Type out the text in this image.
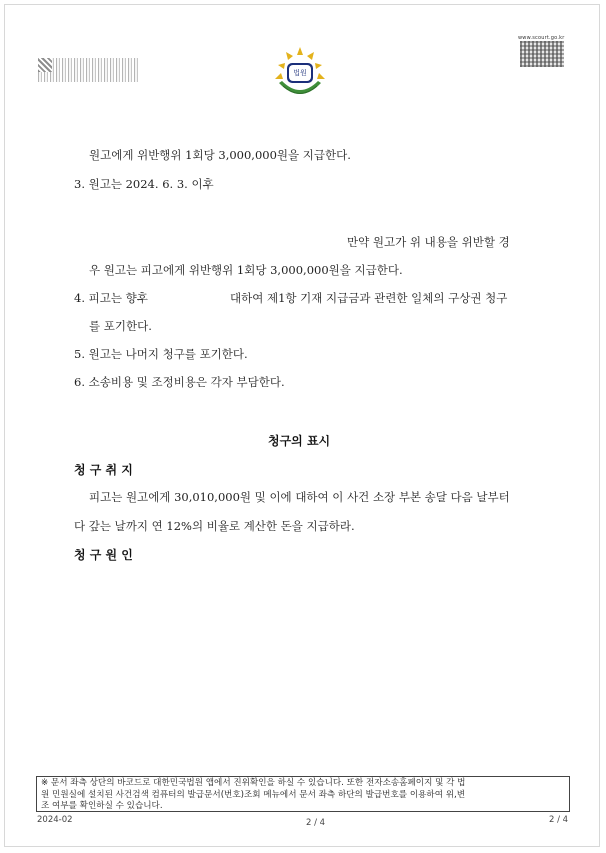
www.scourt.go.kr
법원
원고에게 위반행위 1회당 3,000,000원을 지급한다.
3. 원고는 2024. 6. 3. 이후
만약 원고가 위 내용을 위반할 경
우 원고는 피고에게 위반행위 1회당 3,000,000원을 지급한다.
4. 피고는 향후	대하여 제1항 기재 지급금과 관련한 일체의 구상권 청구
를 포기한다.
5. 원고는 나머지 청구를 포기한다.
6. 소송비용 및 조정비용은 각자 부담한다.
청구의 표시
청 구 취 지
피고는 원고에게 30,010,000원 및 이에 대하여 이 사건 소장 부본 송달 다음 날부터
다 갚는 날까지 연 12%의 비율로 계산한 돈을 지급하라.
청 구 원 인
※ 문서 좌측 상단의 바코드로 대한민국법원 앱에서 진위확인을 하실 수 있습니다. 또한 전자소송홈페이지 및 각 법
원 민원실에 설치된 사건검색 컴퓨터의 발급문서(번호)조회 메뉴에서 문서 좌측 하단의 발급번호를 이용하여 위,변
조 여부를 확인하실 수 있습니다.
2024-02	2 / 4	2 / 4
